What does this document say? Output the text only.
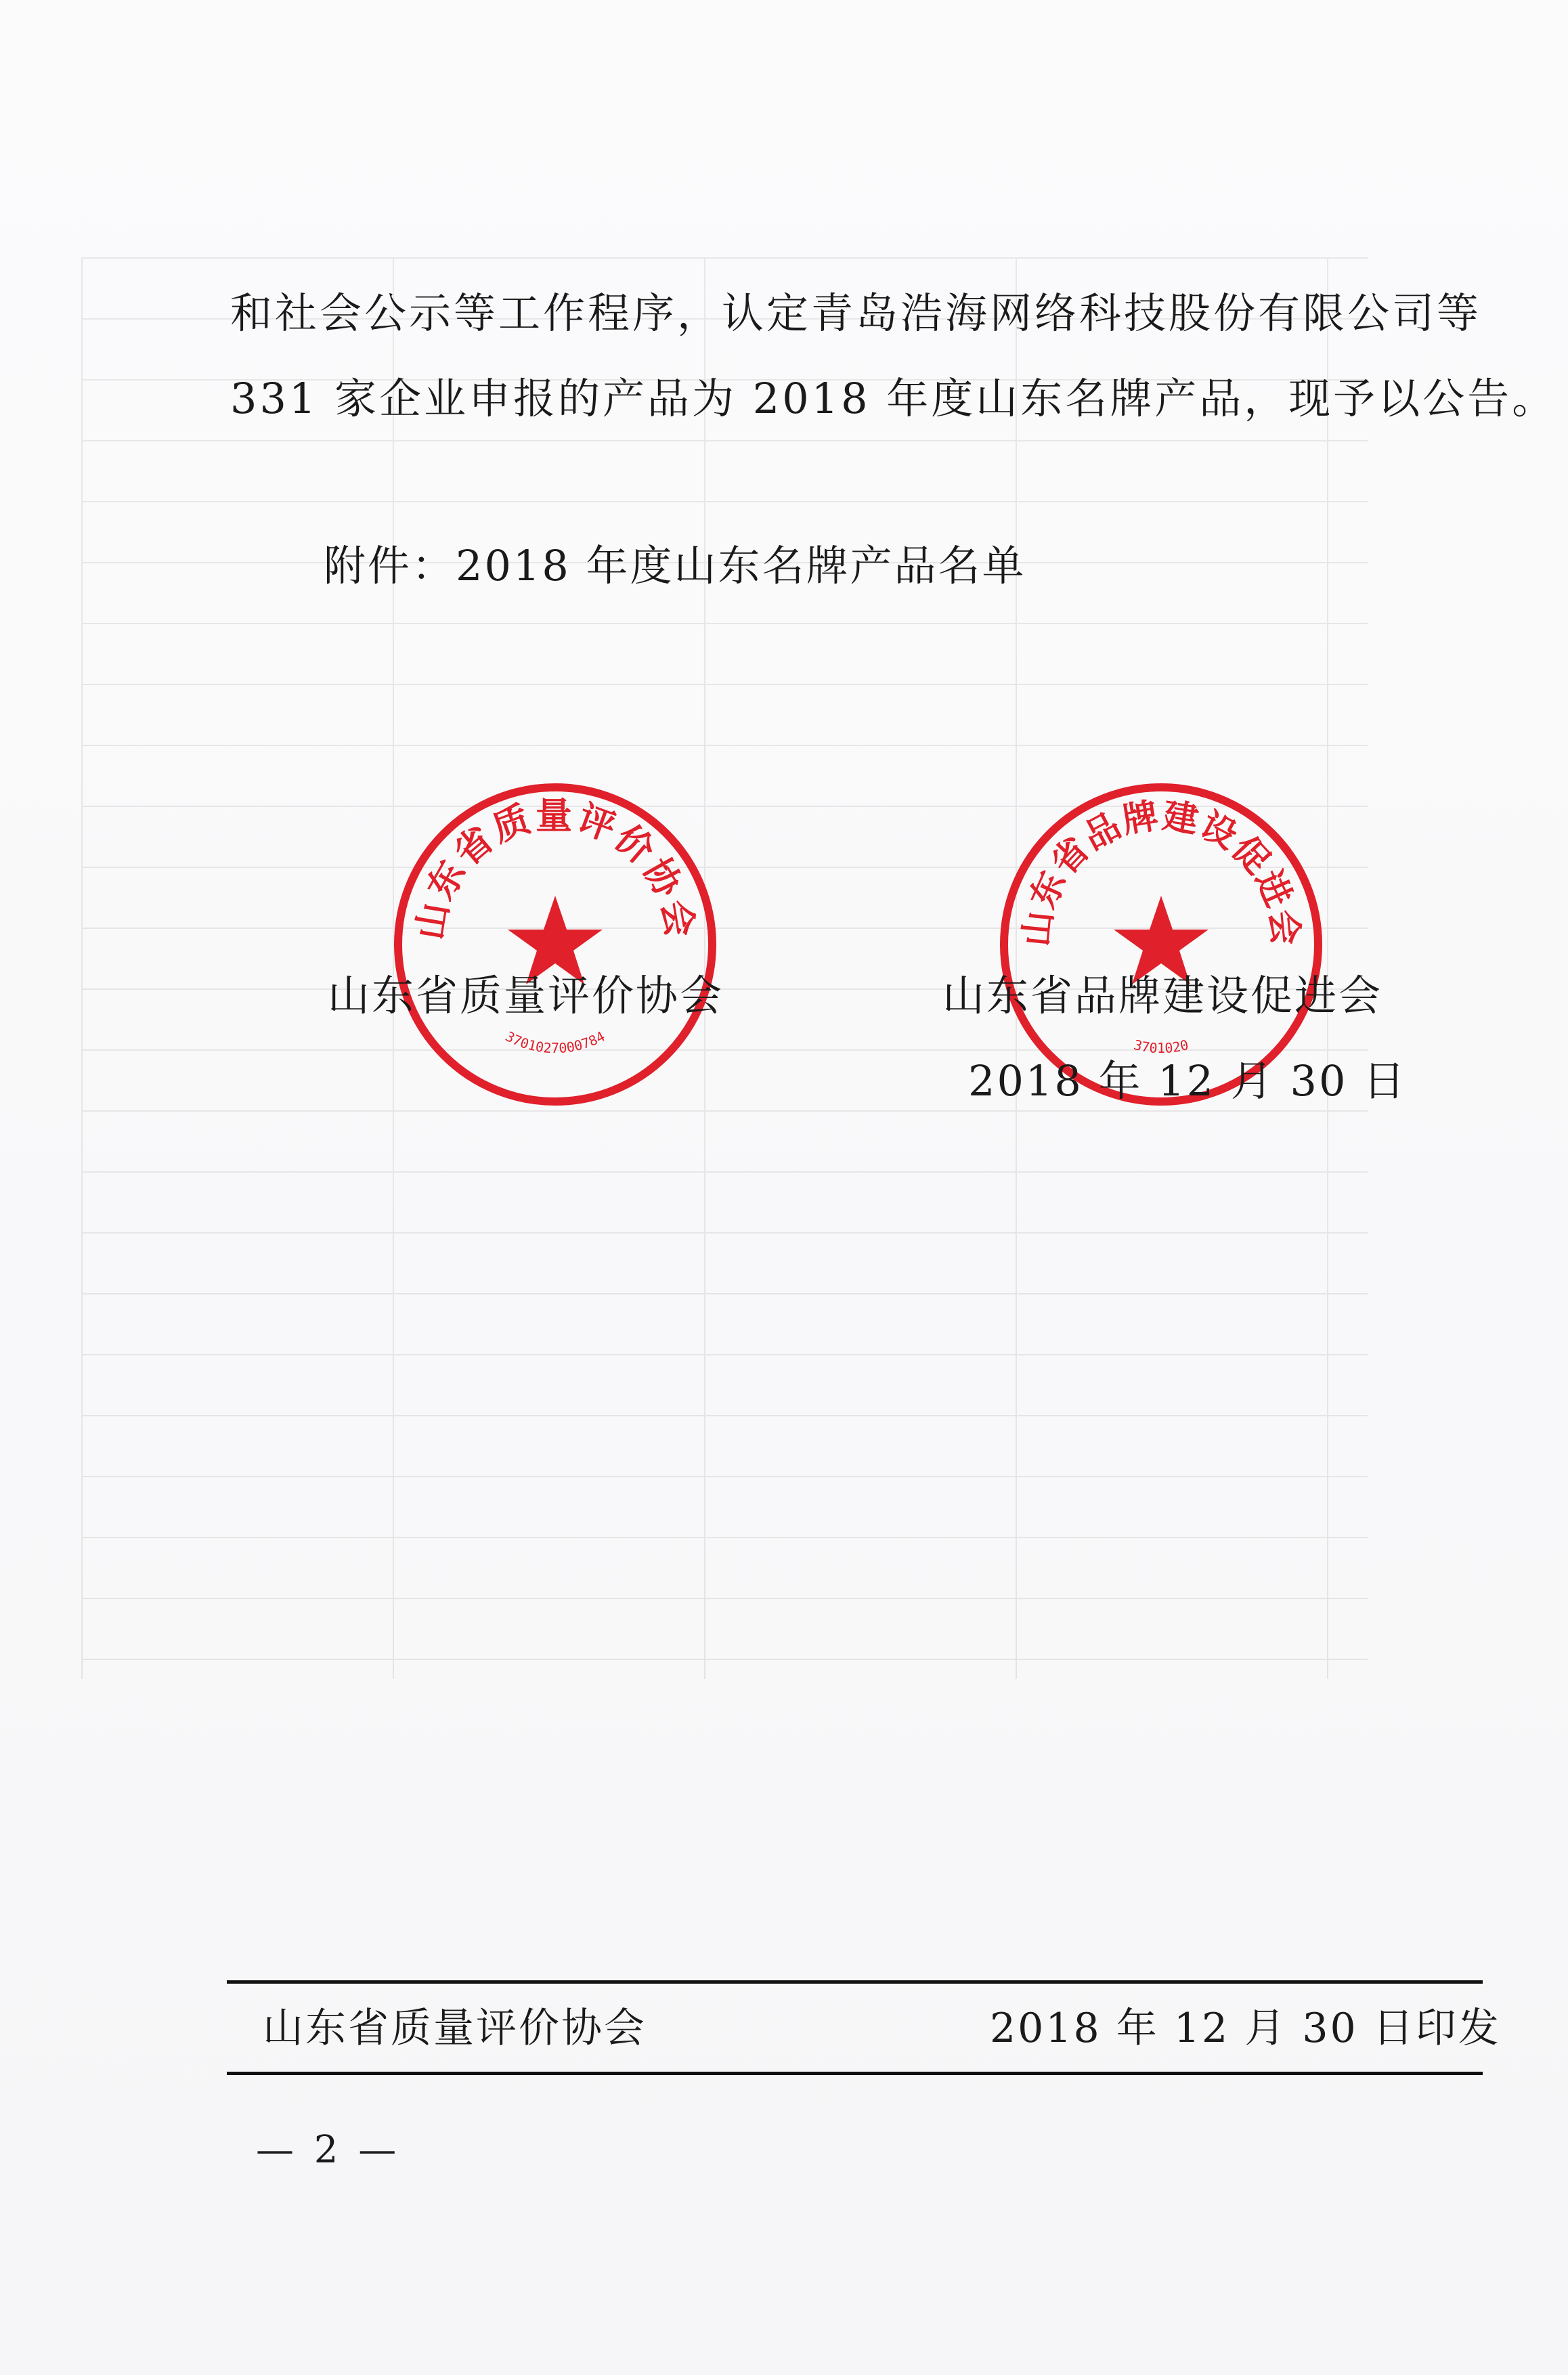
和社会公示等工作程序，认定青岛浩海网络科技股份有限公司等
331 家企业申报的产品为 2018 年度山东名牌产品，现予以公告。
附件：2018 年度山东名牌产品名单
山东省质量评价协会
3701027000784
山东省品牌建设促进会
3701020
山东省质量评价协会	山东省品牌建设促进会
2018 年 12 月 30 日
山东省质量评价协会	2018 年 12 月 30 日印发
— 2 —
